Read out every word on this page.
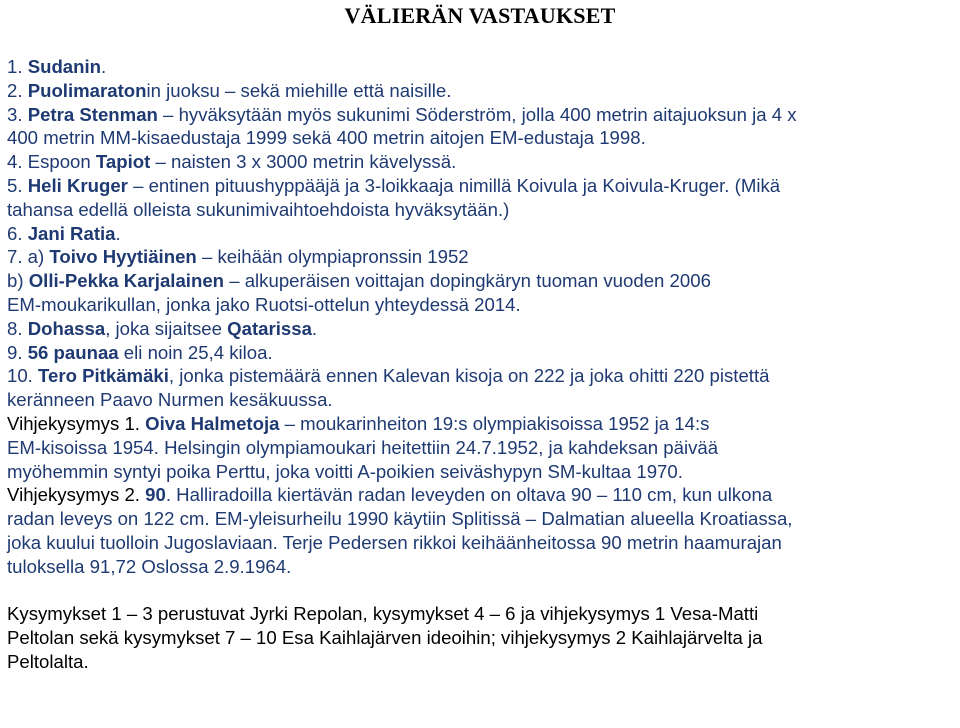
VÄLIERÄN VASTAUKSET
1. Sudanin.
2. Puolimaratonin juoksu – sekä miehille että naisille.
3. Petra Stenman – hyväksytään myös sukunimi Söderström, jolla 400 metrin aitajuoksun ja 4 x
400 metrin MM-kisaedustaja 1999 sekä 400 metrin aitojen EM-edustaja 1998.
4. Espoon Tapiot – naisten 3 x 3000 metrin kävelyssä.
5. Heli Kruger – entinen pituushyppääjä ja 3-loikkaaja nimillä Koivula ja Koivula-Kruger. (Mikä
tahansa edellä olleista sukunimivaihtoehdoista hyväksytään.)
6. Jani Ratia.
7. a) Toivo Hyytiäinen – keihään olympiapronssin 1952
b) Olli-Pekka Karjalainen – alkuperäisen voittajan dopingkäryn tuoman vuoden 2006
EM-moukarikullan, jonka jako Ruotsi-ottelun yhteydessä 2014.
8. Dohassa, joka sijaitsee Qatarissa.
9. 56 paunaa eli noin 25,4 kiloa.
10. Tero Pitkämäki, jonka pistemäärä ennen Kalevan kisoja on 222 ja joka ohitti 220 pistettä
keränneen Paavo Nurmen kesäkuussa.
Vihjekysymys 1. Oiva Halmetoja – moukarinheiton 19:s olympiakisoissa 1952 ja 14:s
EM-kisoissa 1954. Helsingin olympiamoukari heitettiin 24.7.1952, ja kahdeksan päivää
myöhemmin syntyi poika Perttu, joka voitti A-poikien seiväshypyn SM-kultaa 1970.
Vihjekysymys 2. 90. Halliradoilla kiertävän radan leveyden on oltava 90 – 110 cm, kun ulkona
radan leveys on 122 cm. EM-yleisurheilu 1990 käytiin Splitissä – Dalmatian alueella Kroatiassa,
joka kuului tuolloin Jugoslaviaan. Terje Pedersen rikkoi keihäänheitossa 90 metrin haamurajan
tuloksella 91,72 Oslossa 2.9.1964.
Kysymykset 1 – 3 perustuvat Jyrki Repolan, kysymykset 4 – 6 ja vihjekysymys 1 Vesa-Matti
Peltolan sekä kysymykset 7 – 10 Esa Kaihlajärven ideoihin; vihjekysymys 2 Kaihlajärvelta ja
Peltolalta.
